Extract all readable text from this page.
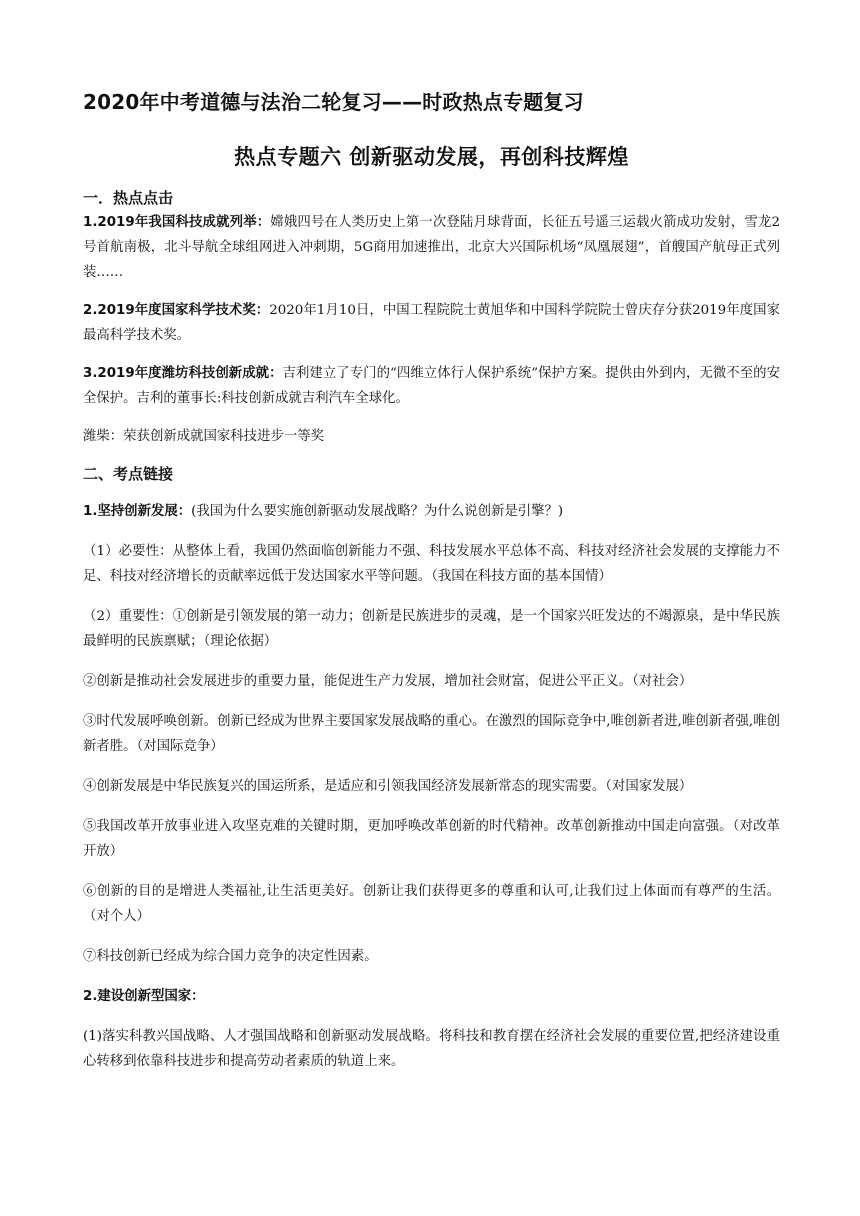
2020年中考道德与法治二轮复习——时政热点专题复习
热点专题六 创新驱动发展，再创科技辉煌
一．热点点击

1.2019年我国科技成就列举：嫦娥四号在人类历史上第一次登陆月球背面，长征五号遥三运载火箭成功发射，雪龙2号首航南极，北斗导航全球组网进入冲刺期，5G商用加速推出，北京大兴国际机场“凤凰展翅”，首艘国产航母正式列装……

2.2019年度国家科学技术奖：2020年1月10日，中国工程院院士黄旭华和中国科学院院士曾庆存分获2019年度国家最高科学技术奖。

3.2019年度潍坊科技创新成就：吉利建立了专门的“四维立体行人保护系统”保护方案。提供由外到内，无微不至的安全保护。吉利的董事长:科技创新成就吉利汽车全球化。

潍柴：荣获创新成就国家科技进步一等奖

二、考点链接

1.坚持创新发展：(我国为什么要实施创新驱动发展战略？为什么说创新是引擎？)

（1）必要性：从整体上看，我国仍然面临创新能力不强、科技发展水平总体不高、科技对经济社会发展的支撑能力不足、科技对经济增长的贡献率远低于发达国家水平等问题。（我国在科技方面的基本国情）

（2）重要性：①创新是引领发展的第一动力；创新是民族进步的灵魂，是一个国家兴旺发达的不竭源泉，是中华民族最鲜明的民族禀赋；（理论依据）

②创新是推动社会发展进步的重要力量，能促进生产力发展，增加社会财富，促进公平正义。（对社会）

③时代发展呼唤创新。创新已经成为世界主要国家发展战略的重心。在激烈的国际竞争中,唯创新者进,唯创新者强,唯创新者胜。（对国际竞争）

④创新发展是中华民族复兴的国运所系，是适应和引领我国经济发展新常态的现实需要。（对国家发展）

⑤我国改革开放事业进入攻坚克难的关键时期，更加呼唤改革创新的时代精神。改革创新推动中国走向富强。（对改革开放）

⑥创新的目的是增进人类福祉,让生活更美好。创新让我们获得更多的尊重和认可,让我们过上体面而有尊严的生活。（对个人）

⑦科技创新已经成为综合国力竞争的决定性因素。

2.建设创新型国家：

(1)落实科教兴国战略、人才强国战略和创新驱动发展战略。将科技和教育摆在经济社会发展的重要位置,把经济建设重心转移到依靠科技进步和提高劳动者素质的轨道上来。
